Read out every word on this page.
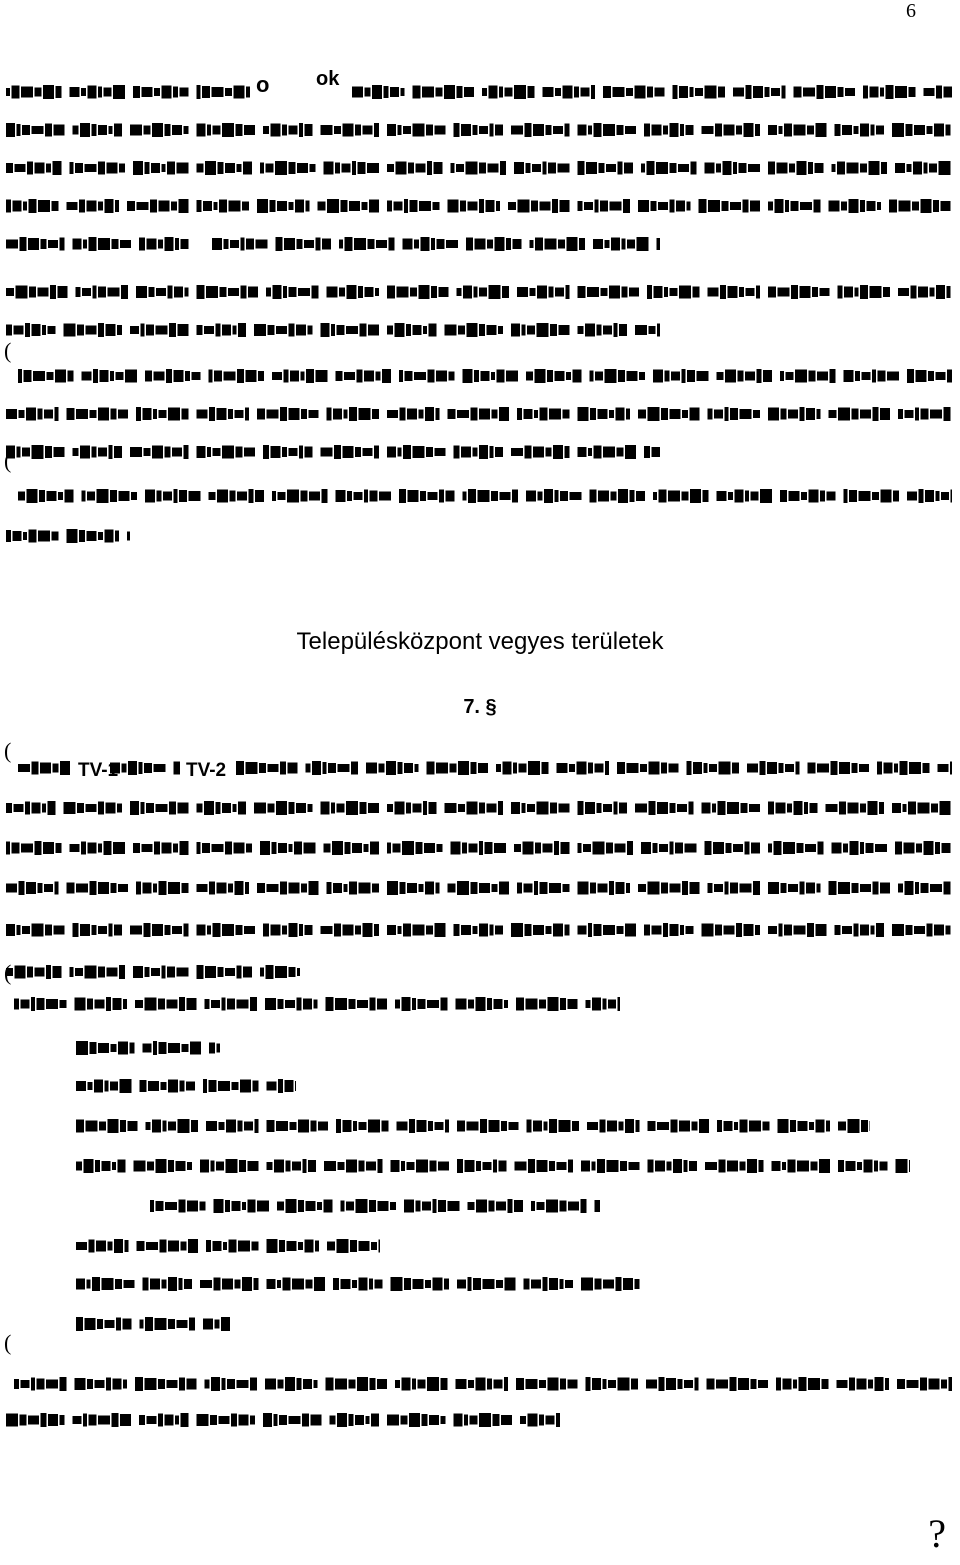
6
o ok
(
(
(
(
(
Településközpont vegyes területek
7. §
TV-1	TV-2
?
